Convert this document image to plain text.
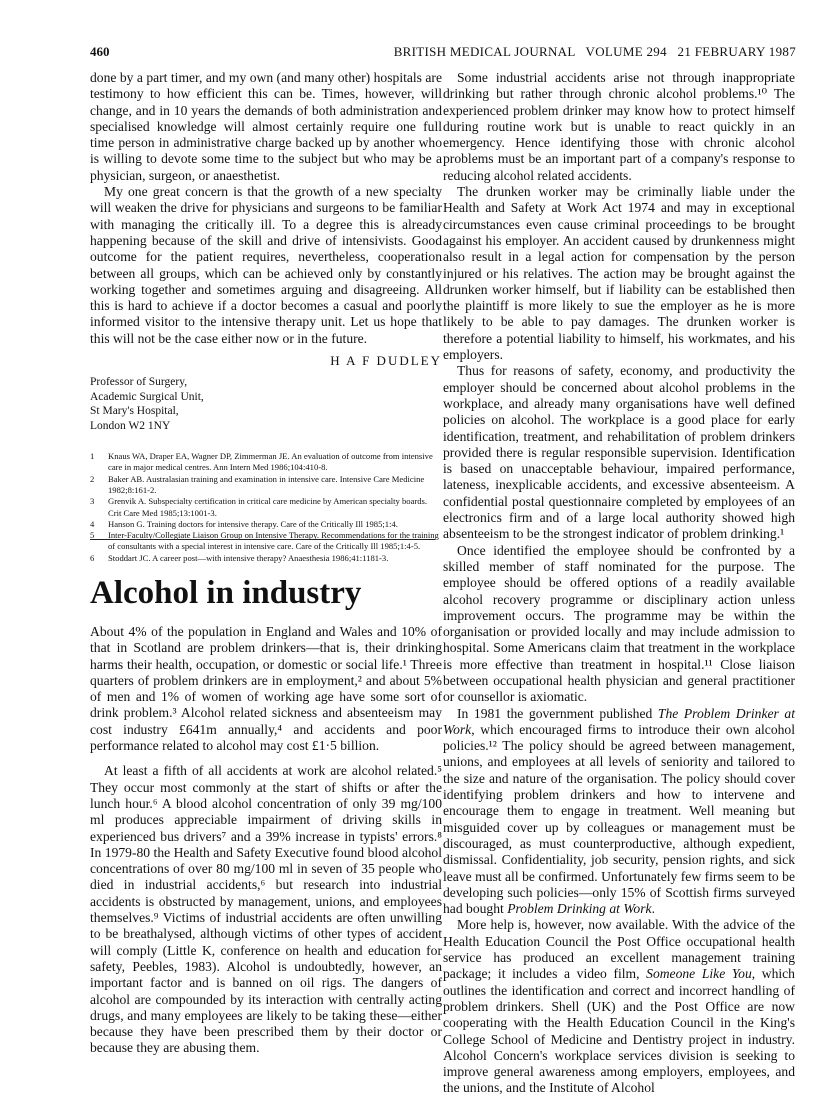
460	BRITISH MEDICAL JOURNAL   VOLUME 294   21 FEBRUARY 1987

done by a part timer, and my own (and many other) hospitals are testimony to how efficient this can be. Times, however, will change, and in 10 years the demands of both administration and specialised knowledge will almost certainly require one full time person in administrative charge backed up by another who is willing to devote some time to the subject but who may be a physician, surgeon, or anaesthetist.

My one great concern is that the growth of a new specialty will weaken the drive for physicians and surgeons to be familiar with managing the critically ill. To a degree this is already happening because of the skill and drive of intensivists. Good outcome for the patient requires, nevertheless, cooperation between all groups, which can be achieved only by constantly working together and sometimes arguing and disagreeing. All this is hard to achieve if a doctor becomes a casual and poorly informed visitor to the intensive therapy unit. Let us hope that this will not be the case either now or in the future.

H A F DUDLEY
Professor of Surgery,
Academic Surgical Unit,
St Mary's Hospital,
London W2 1NY
1 Knaus WA, Draper EA, Wagner DP, Zimmerman JE. An evaluation of outcome from intensive care in major medical centres. Ann Intern Med 1986;104:410-8.
2 Baker AB. Australasian training and examination in intensive care. Intensive Care Medicine 1982;8:161-2.
3 Grenvik A. Subspecialty certification in critical care medicine by American specialty boards. Crit Care Med 1985;13:1001-3.
4 Hanson G. Training doctors for intensive therapy. Care of the Critically Ill 1985;1:4.
5 Inter-Faculty/Collegiate Liaison Group on Intensive Therapy. Recommendations for the training of consultants with a special interest in intensive care. Care of the Critically Ill 1985;1:4-5.
6 Stoddart JC. A career post—with intensive therapy? Anaesthesia 1986;41:1181-3.
Alcohol in industry

About 4% of the population in England and Wales and 10% of that in Scotland are problem drinkers—that is, their drinking harms their health, occupation, or domestic or social life.¹ Three quarters of problem drinkers are in employment,² and about 5% of men and 1% of women of working age have some sort of drink problem.³ Alcohol related sickness and absenteeism may cost industry £641m annually,⁴ and accidents and poor performance related to alcohol may cost £1·5 billion.

At least a fifth of all accidents at work are alcohol related.⁵ They occur most commonly at the start of shifts or after the lunch hour.⁶ A blood alcohol concentration of only 39 mg/100 ml produces appreciable impairment of driving skills in experienced bus drivers⁷ and a 39% increase in typists' errors.⁸ In 1979-80 the Health and Safety Executive found blood alcohol concentrations of over 80 mg/100 ml in seven of 35 people who died in industrial accidents,⁶ but research into industrial accidents is obstructed by management, unions, and employees themselves.⁹ Victims of industrial accidents are often unwilling to be breathalysed, although victims of other types of accident will comply (Little K, conference on health and education for safety, Peebles, 1983). Alcohol is undoubtedly, however, an important factor and is banned on oil rigs. The dangers of alcohol are compounded by its interaction with centrally acting drugs, and many employees are likely to be taking these—either because they have been prescribed them by their doctor or because they are abusing them.

Some industrial accidents arise not through inappropriate drinking but rather through chronic alcohol problems.¹⁰ The experienced problem drinker may know how to protect himself during routine work but is unable to react quickly in an emergency. Hence identifying those with chronic alcohol problems must be an important part of a company's response to reducing alcohol related accidents.

The drunken worker may be criminally liable under the Health and Safety at Work Act 1974 and may in exceptional circumstances even cause criminal proceedings to be brought against his employer. An accident caused by drunkenness might also result in a legal action for compensation by the person injured or his relatives. The action may be brought against the drunken worker himself, but if liability can be established then the plaintiff is more likely to sue the employer as he is more likely to be able to pay damages. The drunken worker is therefore a potential liability to himself, his workmates, and his employers.

Thus for reasons of safety, economy, and productivity the employer should be concerned about alcohol problems in the workplace, and already many organisations have well defined policies on alcohol. The workplace is a good place for early identification, treatment, and rehabilitation of problem drinkers provided there is regular responsible supervision. Identification is based on unacceptable behaviour, impaired performance, lateness, inexplicable accidents, and excessive absenteeism. A confidential postal questionnaire completed by employees of an electronics firm and of a large local authority showed high absenteeism to be the strongest indicator of problem drinking.¹

Once identified the employee should be confronted by a skilled member of staff nominated for the purpose. The employee should be offered options of a readily available alcohol recovery programme or disciplinary action unless improvement occurs. The programme may be within the organisation or provided locally and may include admission to hospital. Some Americans claim that treatment in the workplace is more effective than treatment in hospital.¹¹ Close liaison between occupational health physician and general practitioner or counsellor is axiomatic.

In 1981 the government published The Problem Drinker at Work, which encouraged firms to introduce their own alcohol policies.¹² The policy should be agreed between management, unions, and employees at all levels of seniority and tailored to the size and nature of the organisation. The policy should cover identifying problem drinkers and how to intervene and encourage them to engage in treatment. Well meaning but misguided cover up by colleagues or management must be discouraged, as must counterproductive, although expedient, dismissal. Confidentiality, job security, pension rights, and sick leave must all be confirmed. Unfortunately few firms seem to be developing such policies—only 15% of Scottish firms surveyed had bought Problem Drinking at Work.

More help is, however, now available. With the advice of the Health Education Council the Post Office occupational health service has produced an excellent management training package; it includes a video film, Someone Like You, which outlines the identification and correct and incorrect handling of problem drinkers. Shell (UK) and the Post Office are now cooperating with the Health Education Council in the King's College School of Medicine and Dentistry project in industry. Alcohol Concern's workplace services division is seeking to improve general awareness among employers, employees, and the unions, and the Institute of Alcohol
